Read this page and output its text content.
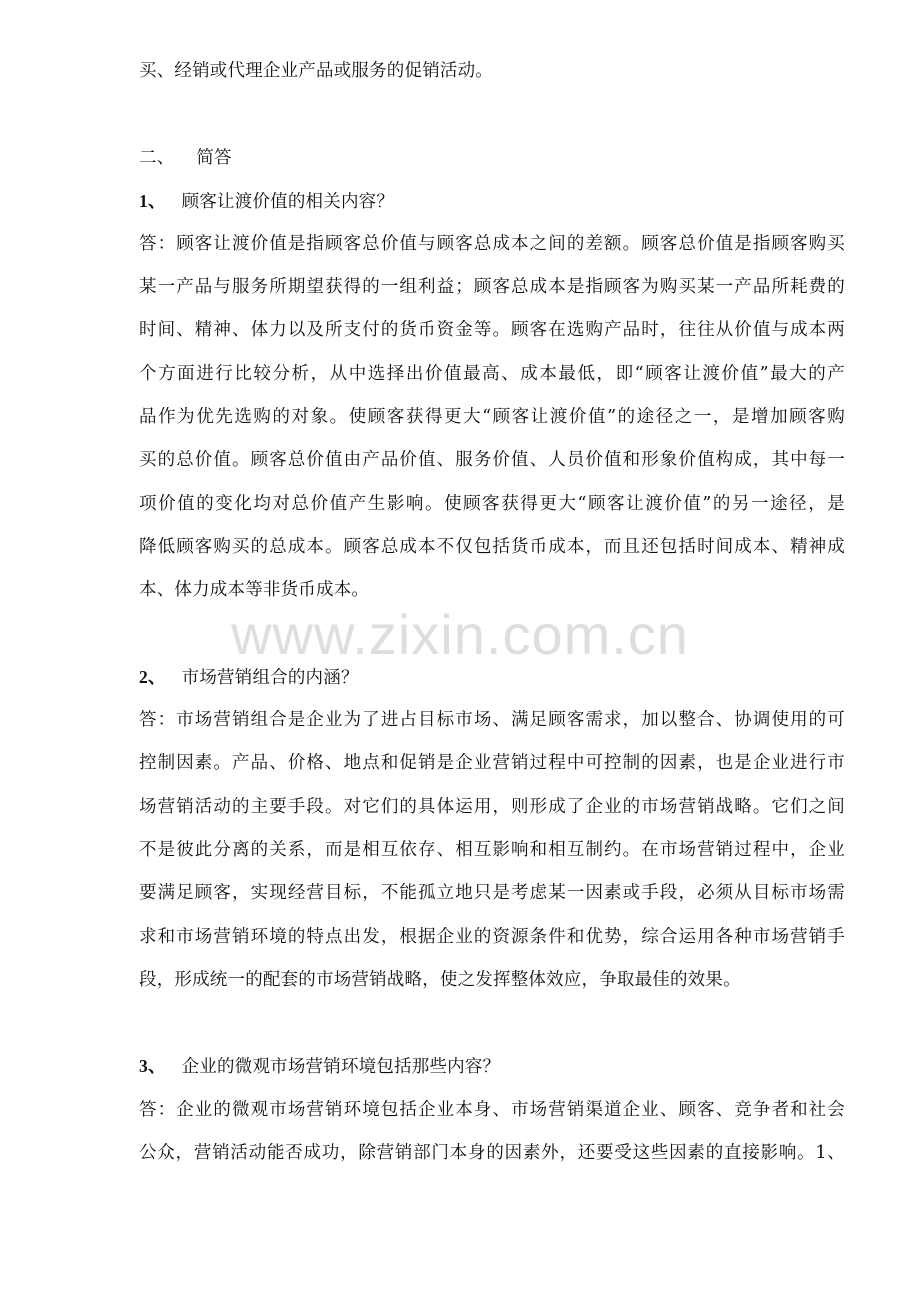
www.zixin.com.cn
买、经销或代理企业产品或服务的促销活动。
二、 简答
1、 顾客让渡价值的相关内容？
答：顾客让渡价值是指顾客总价值与顾客总成本之间的差额。顾客总价值是指顾客购买
某一产品与服务所期望获得的一组利益；顾客总成本是指顾客为购买某一产品所耗费的
时间、精神、体力以及所支付的货币资金等。顾客在选购产品时，往往从价值与成本两
个方面进行比较分析，从中选择出价值最高、成本最低，即“顾客让渡价值”最大的产
品作为优先选购的对象。使顾客获得更大“顾客让渡价值”的途径之一，是增加顾客购
买的总价值。顾客总价值由产品价值、服务价值、人员价值和形象价值构成，其中每一
项价值的变化均对总价值产生影响。使顾客获得更大“顾客让渡价值”的另一途径，是
降低顾客购买的总成本。顾客总成本不仅包括货币成本，而且还包括时间成本、精神成
本、体力成本等非货币成本。
2、 市场营销组合的内涵？
答：市场营销组合是企业为了进占目标市场、满足顾客需求，加以整合、协调使用的可
控制因素。产品、价格、地点和促销是企业营销过程中可控制的因素，也是企业进行市
场营销活动的主要手段。对它们的具体运用，则形成了企业的市场营销战略。它们之间
不是彼此分离的关系，而是相互依存、相互影响和相互制约。在市场营销过程中，企业
要满足顾客，实现经营目标，不能孤立地只是考虑某一因素或手段，必须从目标市场需
求和市场营销环境的特点出发，根据企业的资源条件和优势，综合运用各种市场营销手
段，形成统一的配套的市场营销战略，使之发挥整体效应，争取最佳的效果。
3、 企业的微观市场营销环境包括那些内容？
答：企业的微观市场营销环境包括企业本身、市场营销渠道企业、顾客、竞争者和社会
公众，营销活动能否成功，除营销部门本身的因素外，还要受这些因素的直接影响。1、
